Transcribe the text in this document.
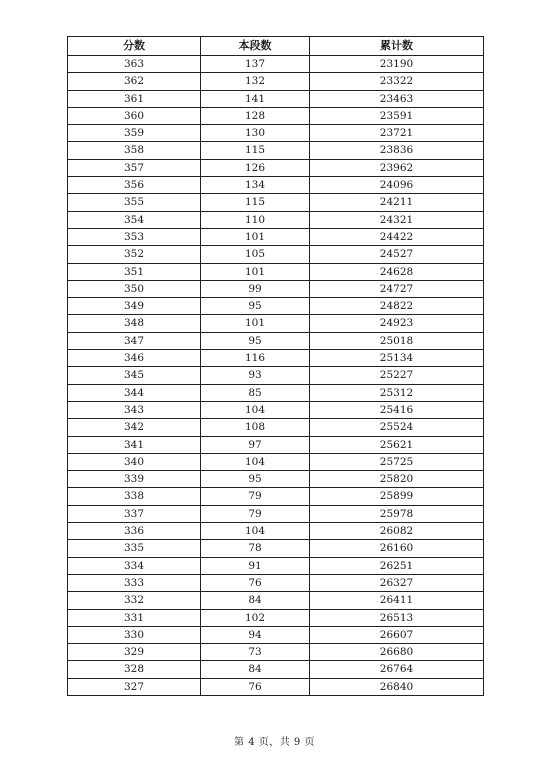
分数	本段数	累计数
363	137	23190
362	132	23322
361	141	23463
360	128	23591
359	130	23721
358	115	23836
357	126	23962
356	134	24096
355	115	24211
354	110	24321
353	101	24422
352	105	24527
351	101	24628
350	99	24727
349	95	24822
348	101	24923
347	95	25018
346	116	25134
345	93	25227
344	85	25312
343	104	25416
342	108	25524
341	97	25621
340	104	25725
339	95	25820
338	79	25899
337	79	25978
336	104	26082
335	78	26160
334	91	26251
333	76	26327
332	84	26411
331	102	26513
330	94	26607
329	73	26680
328	84	26764
327	76	26840
第 4 页，共 9 页
